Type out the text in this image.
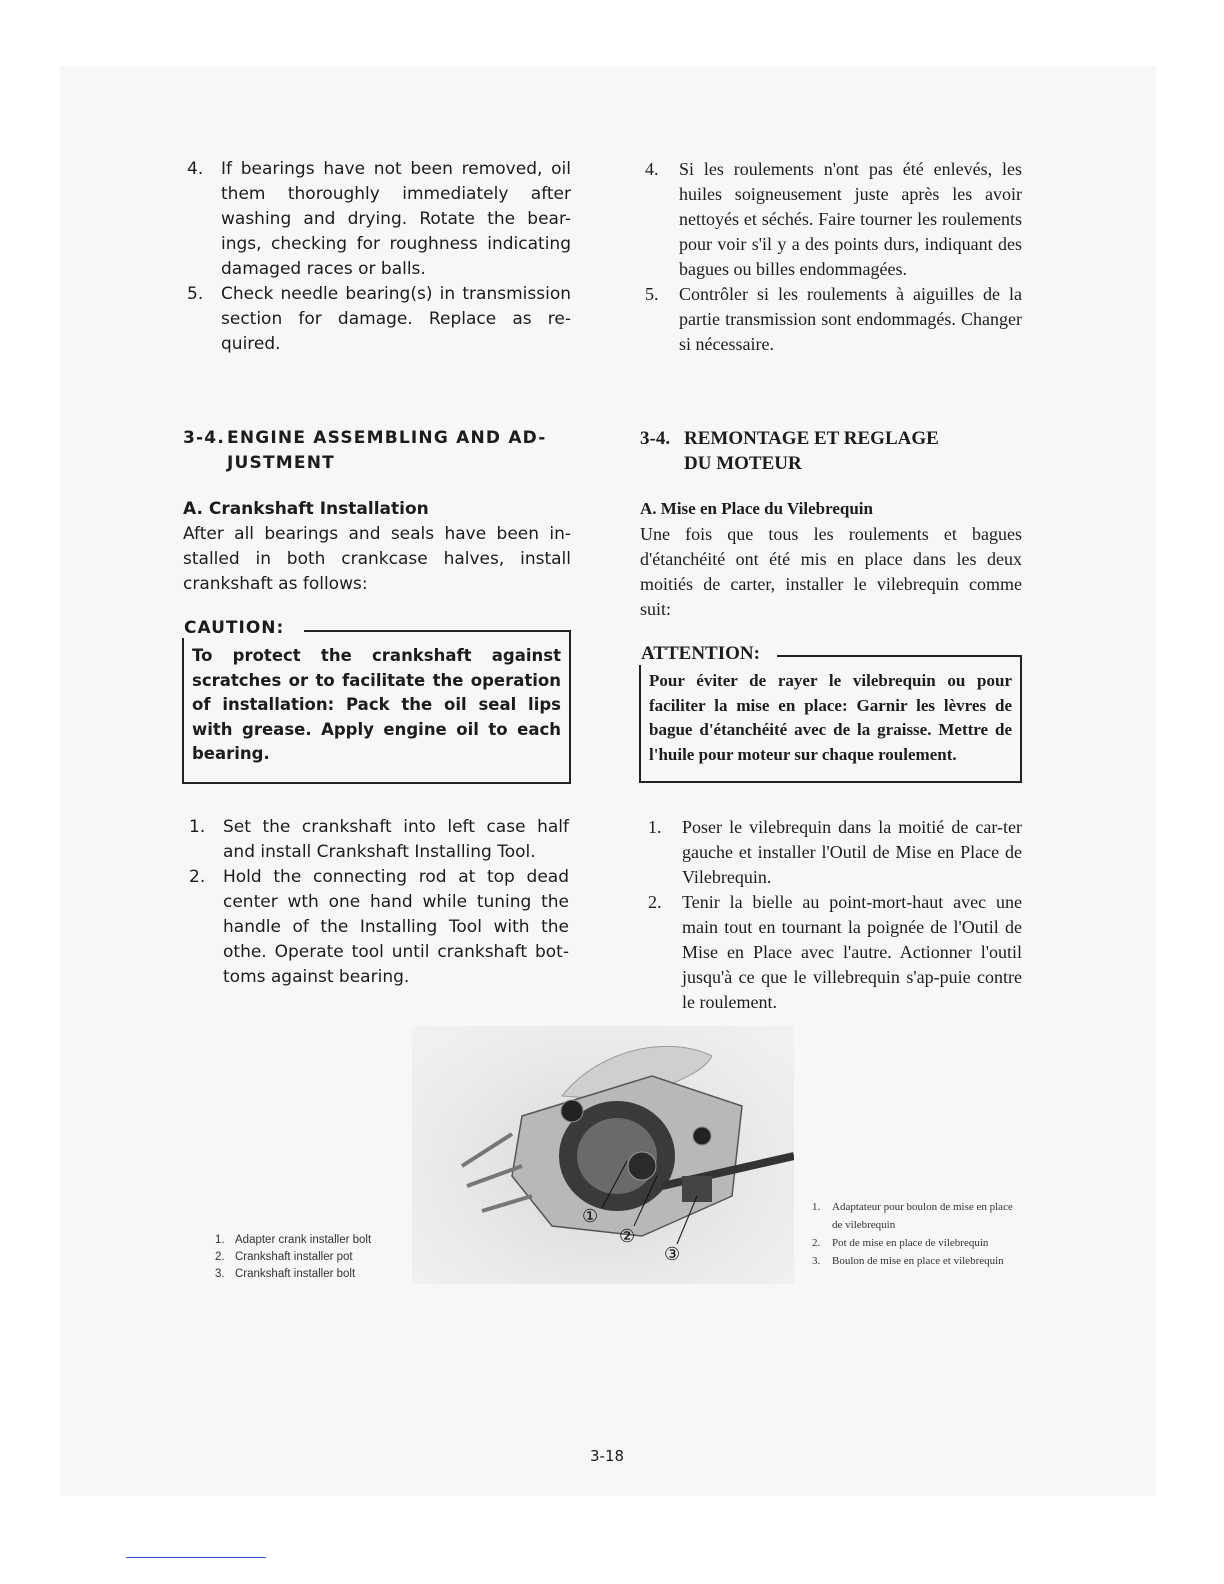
4. If bearings have not been removed, oil them thoroughly immediately after washing and drying. Rotate the bear-ings, checking for roughness indicating damaged races or balls.
5. Check needle bearing(s) in transmission section for damage. Replace as re-quired.
4. Si les roulements n'ont pas été enlevés, les huiles soigneusement juste après les avoir nettoyés et séchés. Faire tourner les roulements pour voir s'il y a des points durs, indiquant des bagues ou billes endommagées.
5. Contrôler si les roulements à aiguilles de la partie transmission sont endommagés. Changer si nécessaire.
3-4. ENGINE ASSEMBLING AND AD-
JUSTMENT
3-4. REMONTAGE ET REGLAGE
DU MOTEUR
A. Crankshaft Installation	A. Mise en Place du Vilebrequin
After all bearings and seals have been in-stalled in both crankcase halves, install crankshaft as follows:
Une fois que tous les roulements et bagues d'étanchéité ont été mis en place dans les deux moitiés de carter, installer le vilebrequin comme suit:
CAUTION:
To protect the crankshaft against scratches or to facilitate the operation of installation: Pack the oil seal lips with grease. Apply engine oil to each bearing.
ATTENTION:
Pour éviter de rayer le vilebrequin ou pour faciliter la mise en place: Garnir les lèvres de bague d'étanchéité avec de la graisse. Mettre de l'huile pour moteur sur chaque roulement.
1. Set the crankshaft into left case half and install Crankshaft Installing Tool.
2. Hold the connecting rod at top dead center wth one hand while tuning the handle of the Installing Tool with the othe. Operate tool until crankshaft bot-toms against bearing.
1. Poser le vilebrequin dans la moitié de car-ter gauche et installer l'Outil de Mise en Place de Vilebrequin.
2. Tenir la bielle au point-mort-haut avec une main tout en tournant la poignée de l'Outil de Mise en Place avec l'autre. Actionner l'outil jusqu'à ce que le villebrequin s'ap-puie contre le roulement.
①
②
③
1. Adapter crank installer bolt
2. Crankshaft installer pot
3. Crankshaft installer bolt
1. Adaptateur pour boulon de mise en place de vilebrequin
2. Pot de mise en place de vilebrequin
3. Boulon de mise en place et vilebrequin
3-18
